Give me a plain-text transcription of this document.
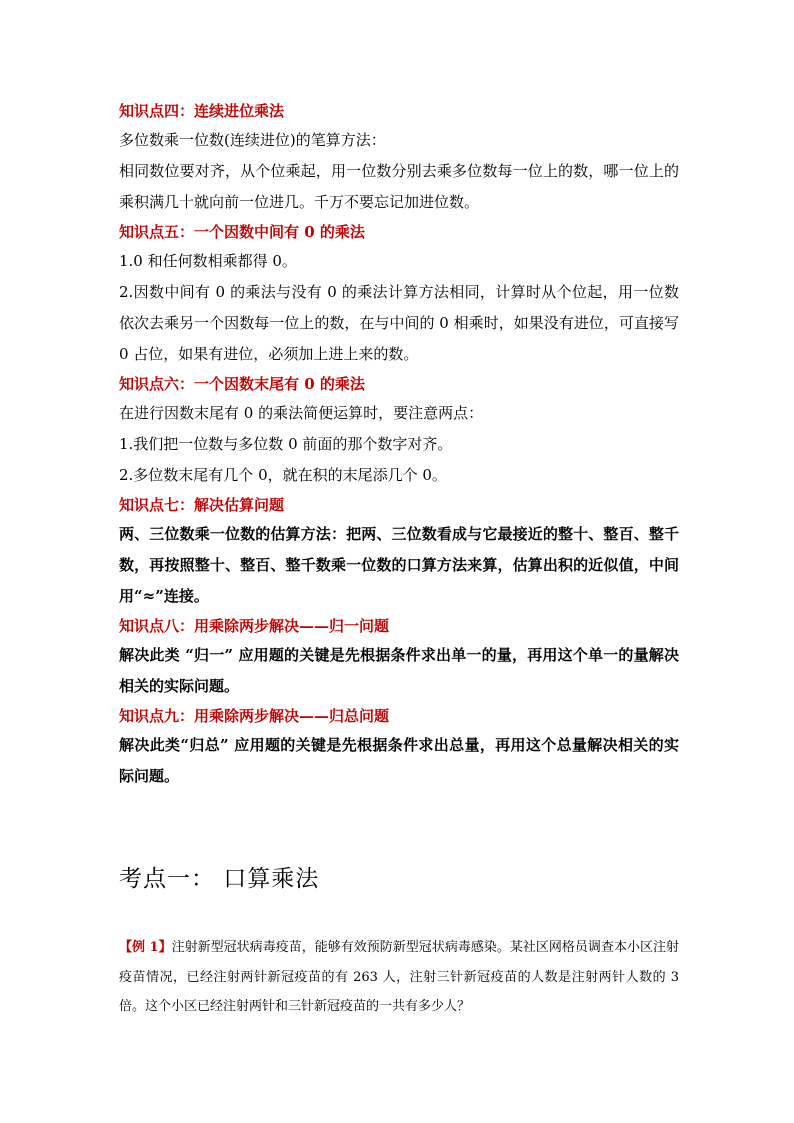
知识点四：连续进位乘法

多位数乘一位数(连续进位)的笔算方法：

相同数位要对齐，从个位乘起，用一位数分别去乘多位数每一位上的数，哪一位上的乘积满几十就向前一位进几。千万不要忘记加进位数。

知识点五：一个因数中间有 0 的乘法

1.0 和任何数相乘都得 0。

2.因数中间有 0 的乘法与没有 0 的乘法计算方法相同，计算时从个位起，用一位数依次去乘另一个因数每一位上的数，在与中间的 0 相乘时，如果没有进位，可直接写 0 占位，如果有进位，必须加上进上来的数。

知识点六：一个因数末尾有 0 的乘法

在进行因数末尾有 0 的乘法简便运算时，要注意两点：

1.我们把一位数与多位数 0 前面的那个数字对齐。

2.多位数末尾有几个 0，就在积的末尾添几个 0。

知识点七：解决估算问题

两、三位数乘一位数的估算方法：把两、三位数看成与它最接近的整十、整百、整千数，再按照整十、整百、整千数乘一位数的口算方法来算，估算出积的近似值，中间用“≈”连接。

知识点八：用乘除两步解决——归一问题

解决此类 “归一” 应用题的关键是先根据条件求出单一的量，再用这个单一的量解决相关的实际问题。

知识点九：用乘除两步解决——归总问题

解决此类“归总” 应用题的关键是先根据条件求出总量，再用这个总量解决相关的实际问题。

考点一： 口算乘法

【例 1】注射新型冠状病毒疫苗，能够有效预防新型冠状病毒感染。某社区网格员调查本小区注射疫苗情况，已经注射两针新冠疫苗的有 263 人，注射三针新冠疫苗的人数是注射两针人数的 3 倍。这个小区已经注射两针和三针新冠疫苗的一共有多少人？
